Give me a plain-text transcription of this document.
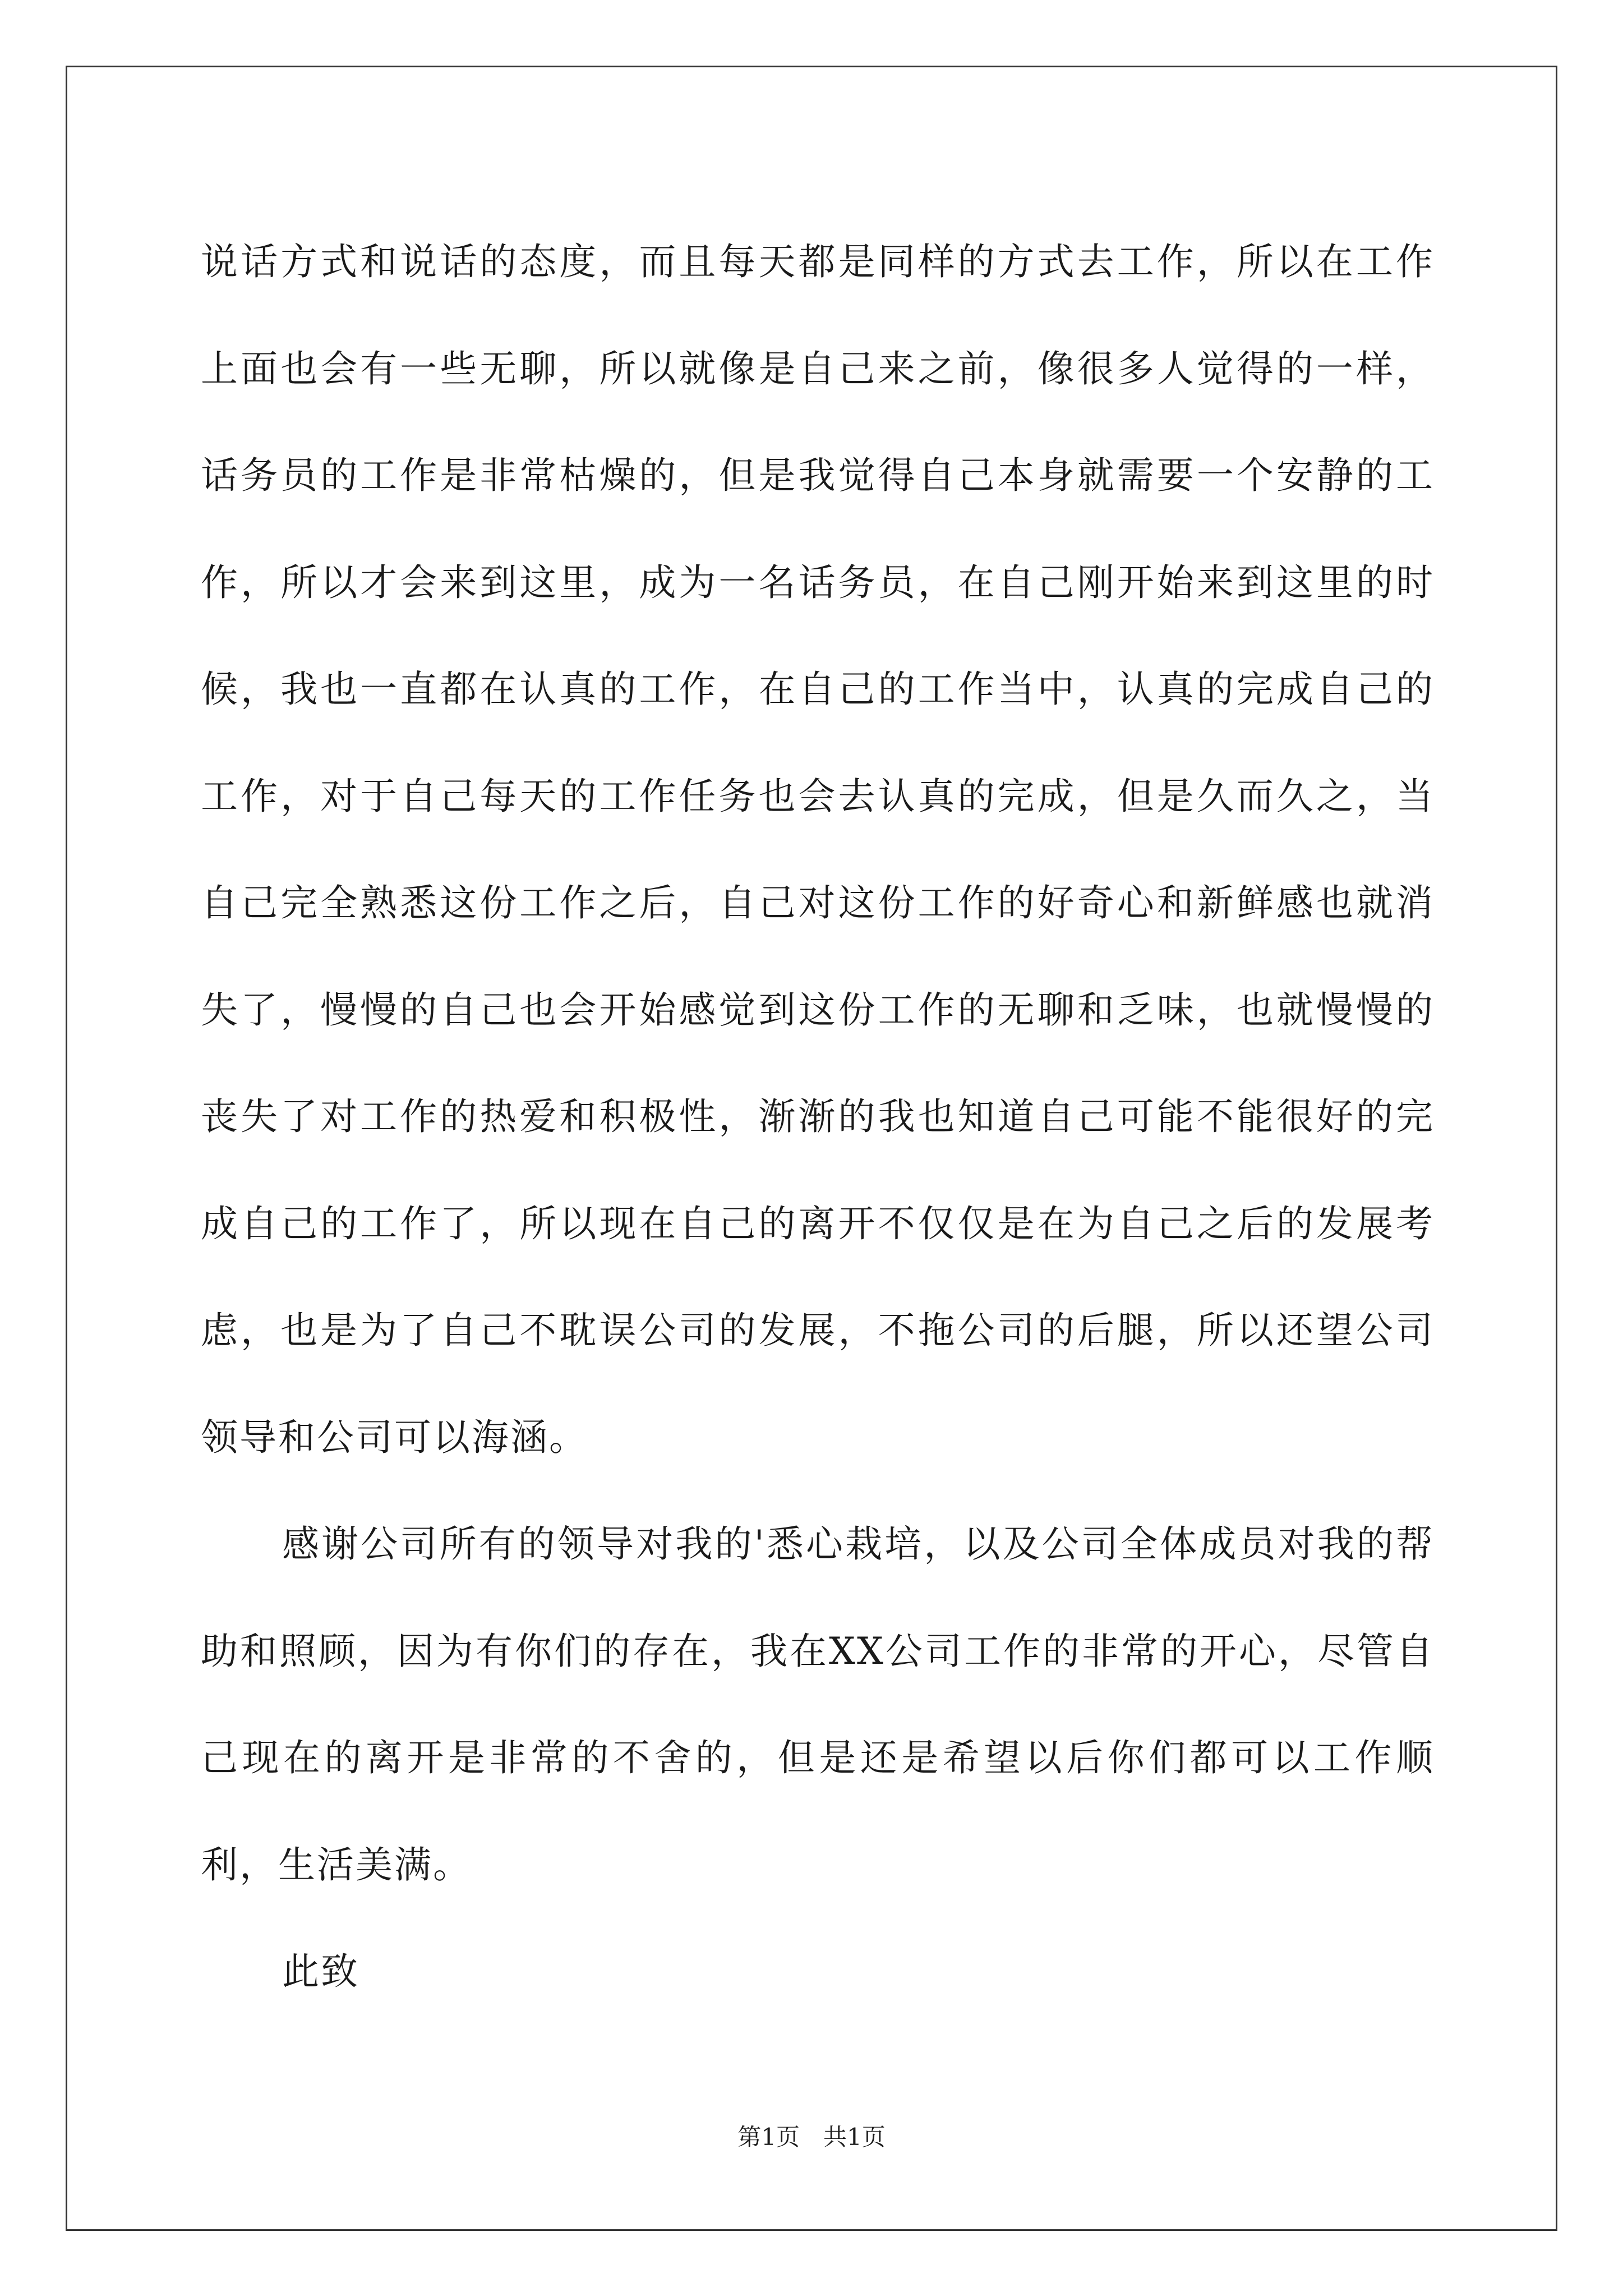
说话方式和说话的态度，而且每天都是同样的方式去工作，所以在工作上面也会有一些无聊，所以就像是自己来之前，像很多人觉得的一样，话务员的工作是非常枯燥的，但是我觉得自己本身就需要一个安静的工作，所以才会来到这里，成为一名话务员，在自己刚开始来到这里的时候，我也一直都在认真的工作，在自己的工作当中，认真的完成自己的工作，对于自己每天的工作任务也会去认真的完成，但是久而久之，当自己完全熟悉这份工作之后，自己对这份工作的好奇心和新鲜感也就消失了，慢慢的自己也会开始感觉到这份工作的无聊和乏味，也就慢慢的丧失了对工作的热爱和积极性，渐渐的我也知道自己可能不能很好的完成自己的工作了，所以现在自己的离开不仅仅是在为自己之后的发展考虑，也是为了自己不耽误公司的发展，不拖公司的后腿，所以还望公司领导和公司可以海涵。

感谢公司所有的领导对我的'悉心栽培，以及公司全体成员对我的帮助和照顾，因为有你们的存在，我在XX公司工作的非常的开心，尽管自己现在的离开是非常的不舍的，但是还是希望以后你们都可以工作顺利，生活美满。

此致

第1页　共1页
